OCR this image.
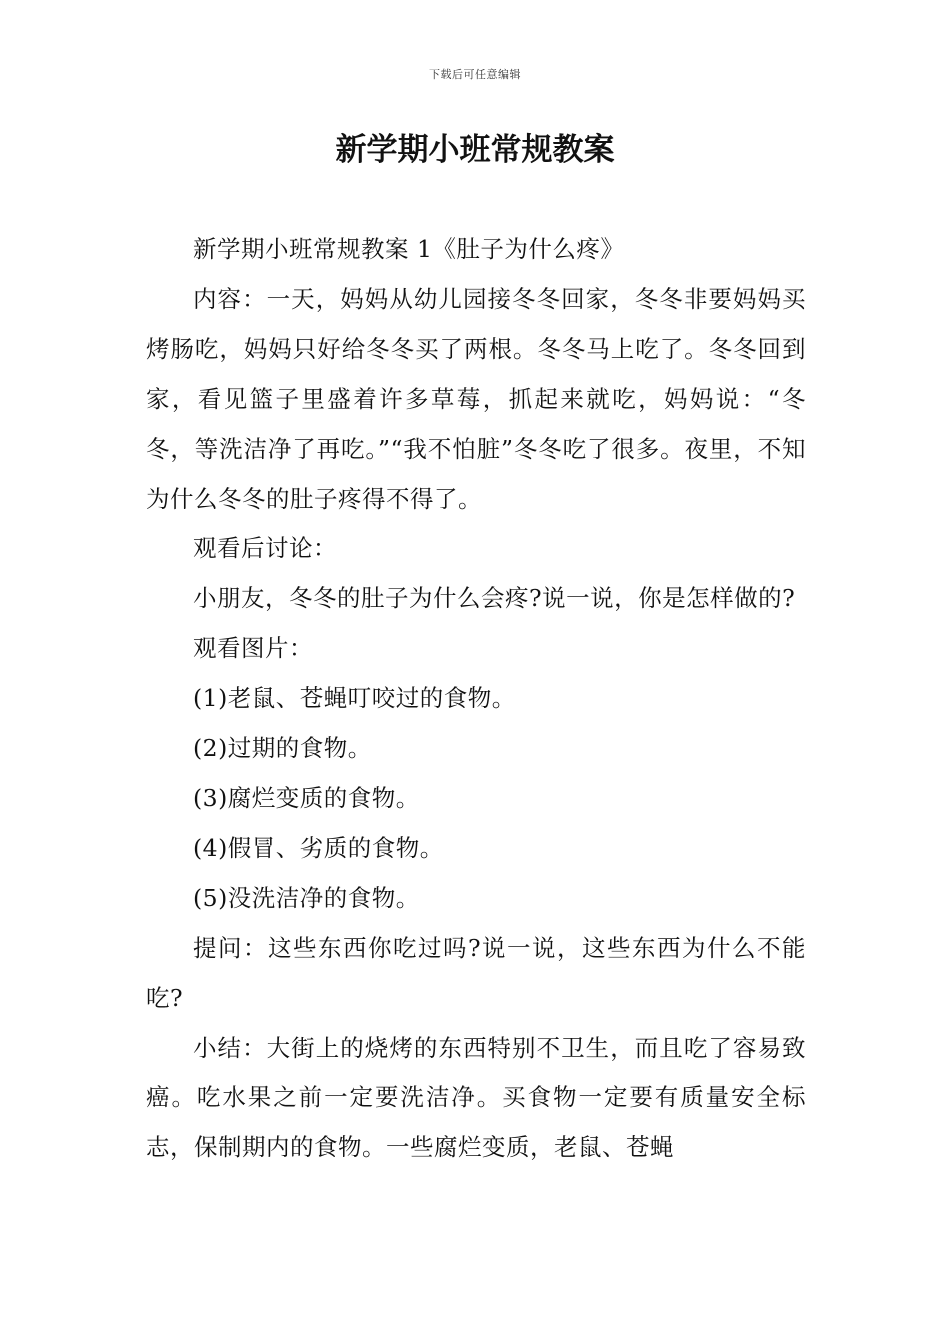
下载后可任意编辑
新学期小班常规教案

新学期小班常规教案 1《肚子为什么疼》

内容：一天，妈妈从幼儿园接冬冬回家，冬冬非要妈妈买烤肠吃，妈妈只好给冬冬买了两根。冬冬马上吃了。冬冬回到家，看见篮子里盛着许多草莓，抓起来就吃，妈妈说：“冬冬，等洗洁净了再吃。”“我不怕脏”冬冬吃了很多。夜里，不知为什么冬冬的肚子疼得不得了。

观看后讨论：

小朋友，冬冬的肚子为什么会疼?说一说，你是怎样做的?

观看图片：

(1)老鼠、苍蝇叮咬过的食物。

(2)过期的食物。

(3)腐烂变质的食物。

(4)假冒、劣质的食物。

(5)没洗洁净的食物。

提问：这些东西你吃过吗?说一说，这些东西为什么不能吃?

小结：大街上的烧烤的东西特别不卫生，而且吃了容易致癌。吃水果之前一定要洗洁净。买食物一定要有质量安全标志，保制期内的食物。一些腐烂变质，老鼠、苍蝇
